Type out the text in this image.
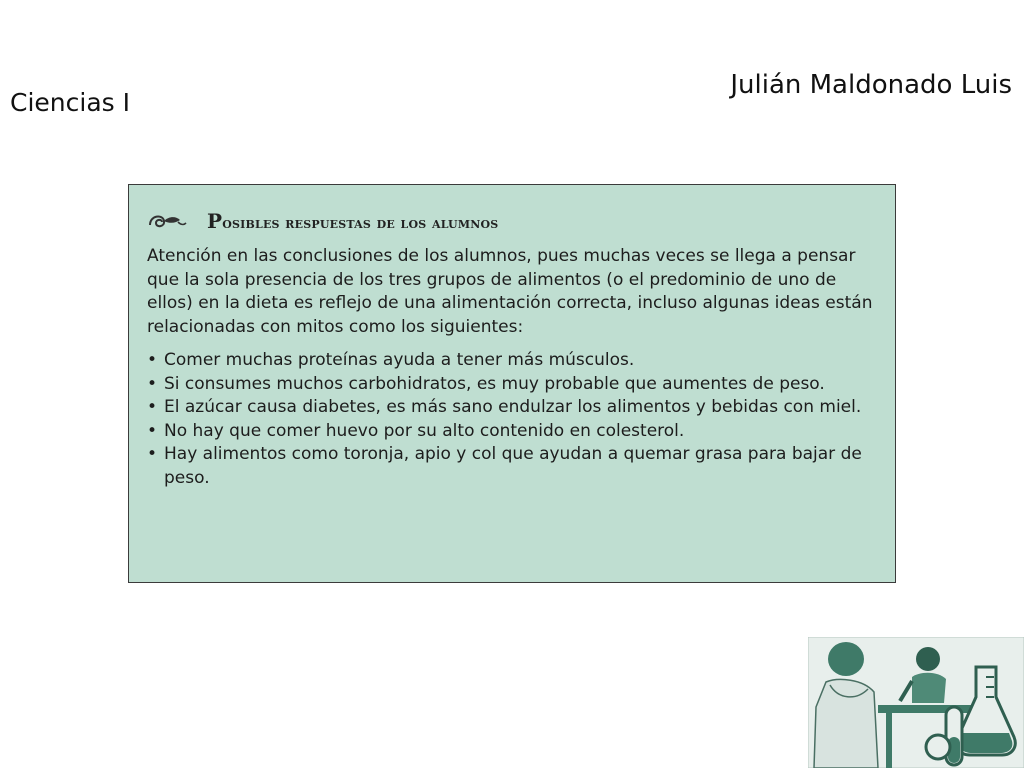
Ciencias I
Julián Maldonado Luis
Posibles respuestas de los alumnos

Atención en las conclusiones de los alumnos, pues muchas veces se llega a pensar que la sola presencia de los tres grupos de alimentos (o el predominio de uno de ellos) en la dieta es reflejo de una alimentación correcta, incluso algunas ideas están relacionadas con mitos como los siguientes:

• Comer muchas proteínas ayuda a tener más músculos.
• Si consumes muchos carbohidratos, es muy probable que aumentes de peso.
• El azúcar causa diabetes, es más sano endulzar los alimentos y bebidas con miel.
• No hay que comer huevo por su alto contenido en colesterol.
• Hay alimentos como toronja, apio y col que ayudan a quemar grasa para bajar de peso.
